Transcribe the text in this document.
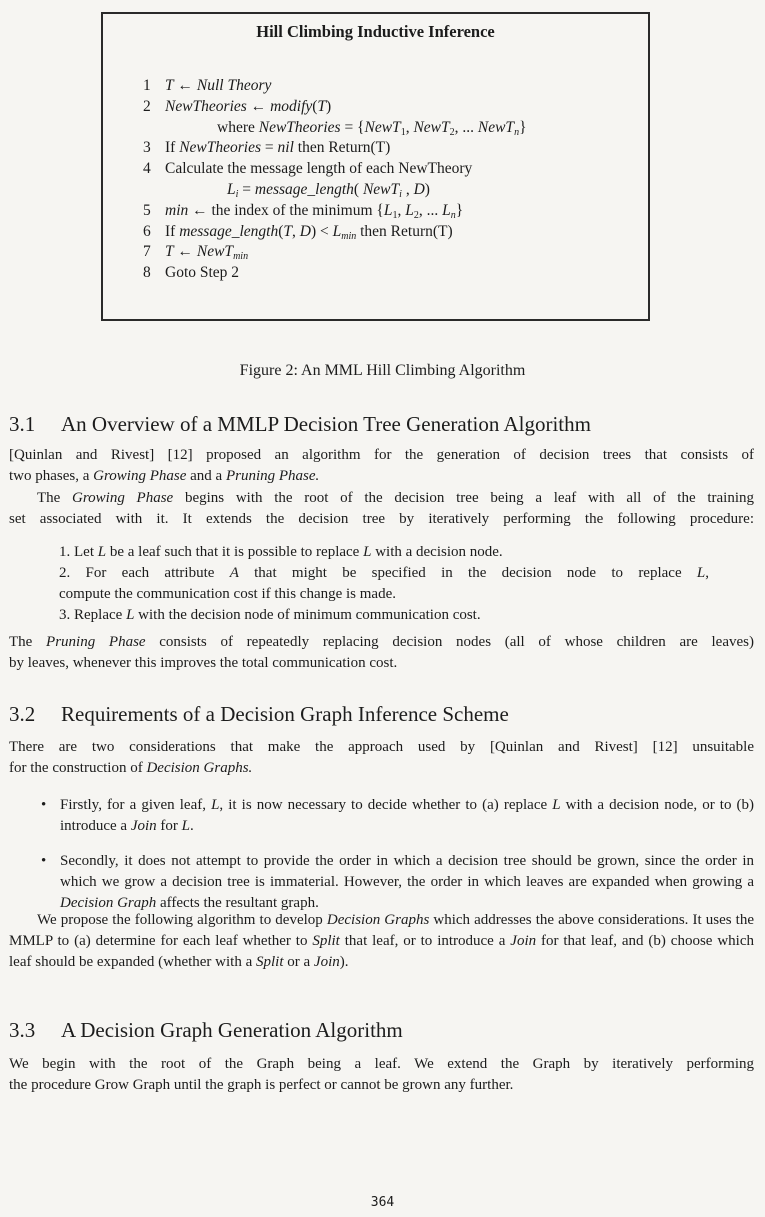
Hill Climbing Inductive Inference
1 T ← Null Theory
2 NewTheories ← modify(T)
where NewTheories = {NewT$_1$, NewT$_2$, ... NewT$_n$}
3 If NewTheories = nil then Return(T)
4 Calculate the message length of each NewTheory
$L_i$ = message_length( NewT$_i$ , D)
5 min ← the index of the minimum {$L_1$, $L_2$, ... $L_n$}
6 If message_length(T, $D) < L_{min}$ then Return(T)
7 T ← NewT$_{min}$
8 Goto Step 2
Figure 2: An MML Hill Climbing Algorithm
3.1 An Overview of a MMLP Decision Tree Generation Algorithm
[Quinlan and Rivest] [12] proposed an algorithm for the generation of decision trees that consists of
two phases, a Growing Phase and a Pruning Phase.
The Growing Phase begins with the root of the decision tree being a leaf with all of the training
set associated with it. It extends the decision tree by iteratively performing the following procedure:
1. Let L be a leaf such that it is possible to replace L with a decision node.
2. For each attribute A that might be specified in the decision node to replace L,
compute the communication cost if this change is made.
3. Replace L with the decision node of minimum communication cost.
The Pruning Phase consists of repeatedly replacing decision nodes (all of whose children are leaves)
by leaves, whenever this improves the total communication cost.
3.2 Requirements of a Decision Graph Inference Scheme
There are two considerations that make the approach used by [Quinlan and Rivest] [12] unsuitable
for the construction of Decision Graphs.
• Firstly, for a given leaf, L, it is now necessary to decide whether to (a) replace L with a decision node, or to (b) introduce a Join for L.
• Secondly, it does not attempt to provide the order in which a decision tree should be grown, since the order in which we grow a decision tree is immaterial. However, the order in which leaves are expanded when growing a Decision Graph affects the resultant graph.
We propose the following algorithm to develop Decision Graphs which addresses the above considerations. It uses the MMLP to (a) determine for each leaf whether to Split that leaf, or to introduce a Join for that leaf, and (b) choose which leaf should be expanded (whether with a Split or a Join).
3.3 A Decision Graph Generation Algorithm
We begin with the root of the Graph being a leaf. We extend the Graph by iteratively performing
the procedure Grow Graph until the graph is perfect or cannot be grown any further.
364
